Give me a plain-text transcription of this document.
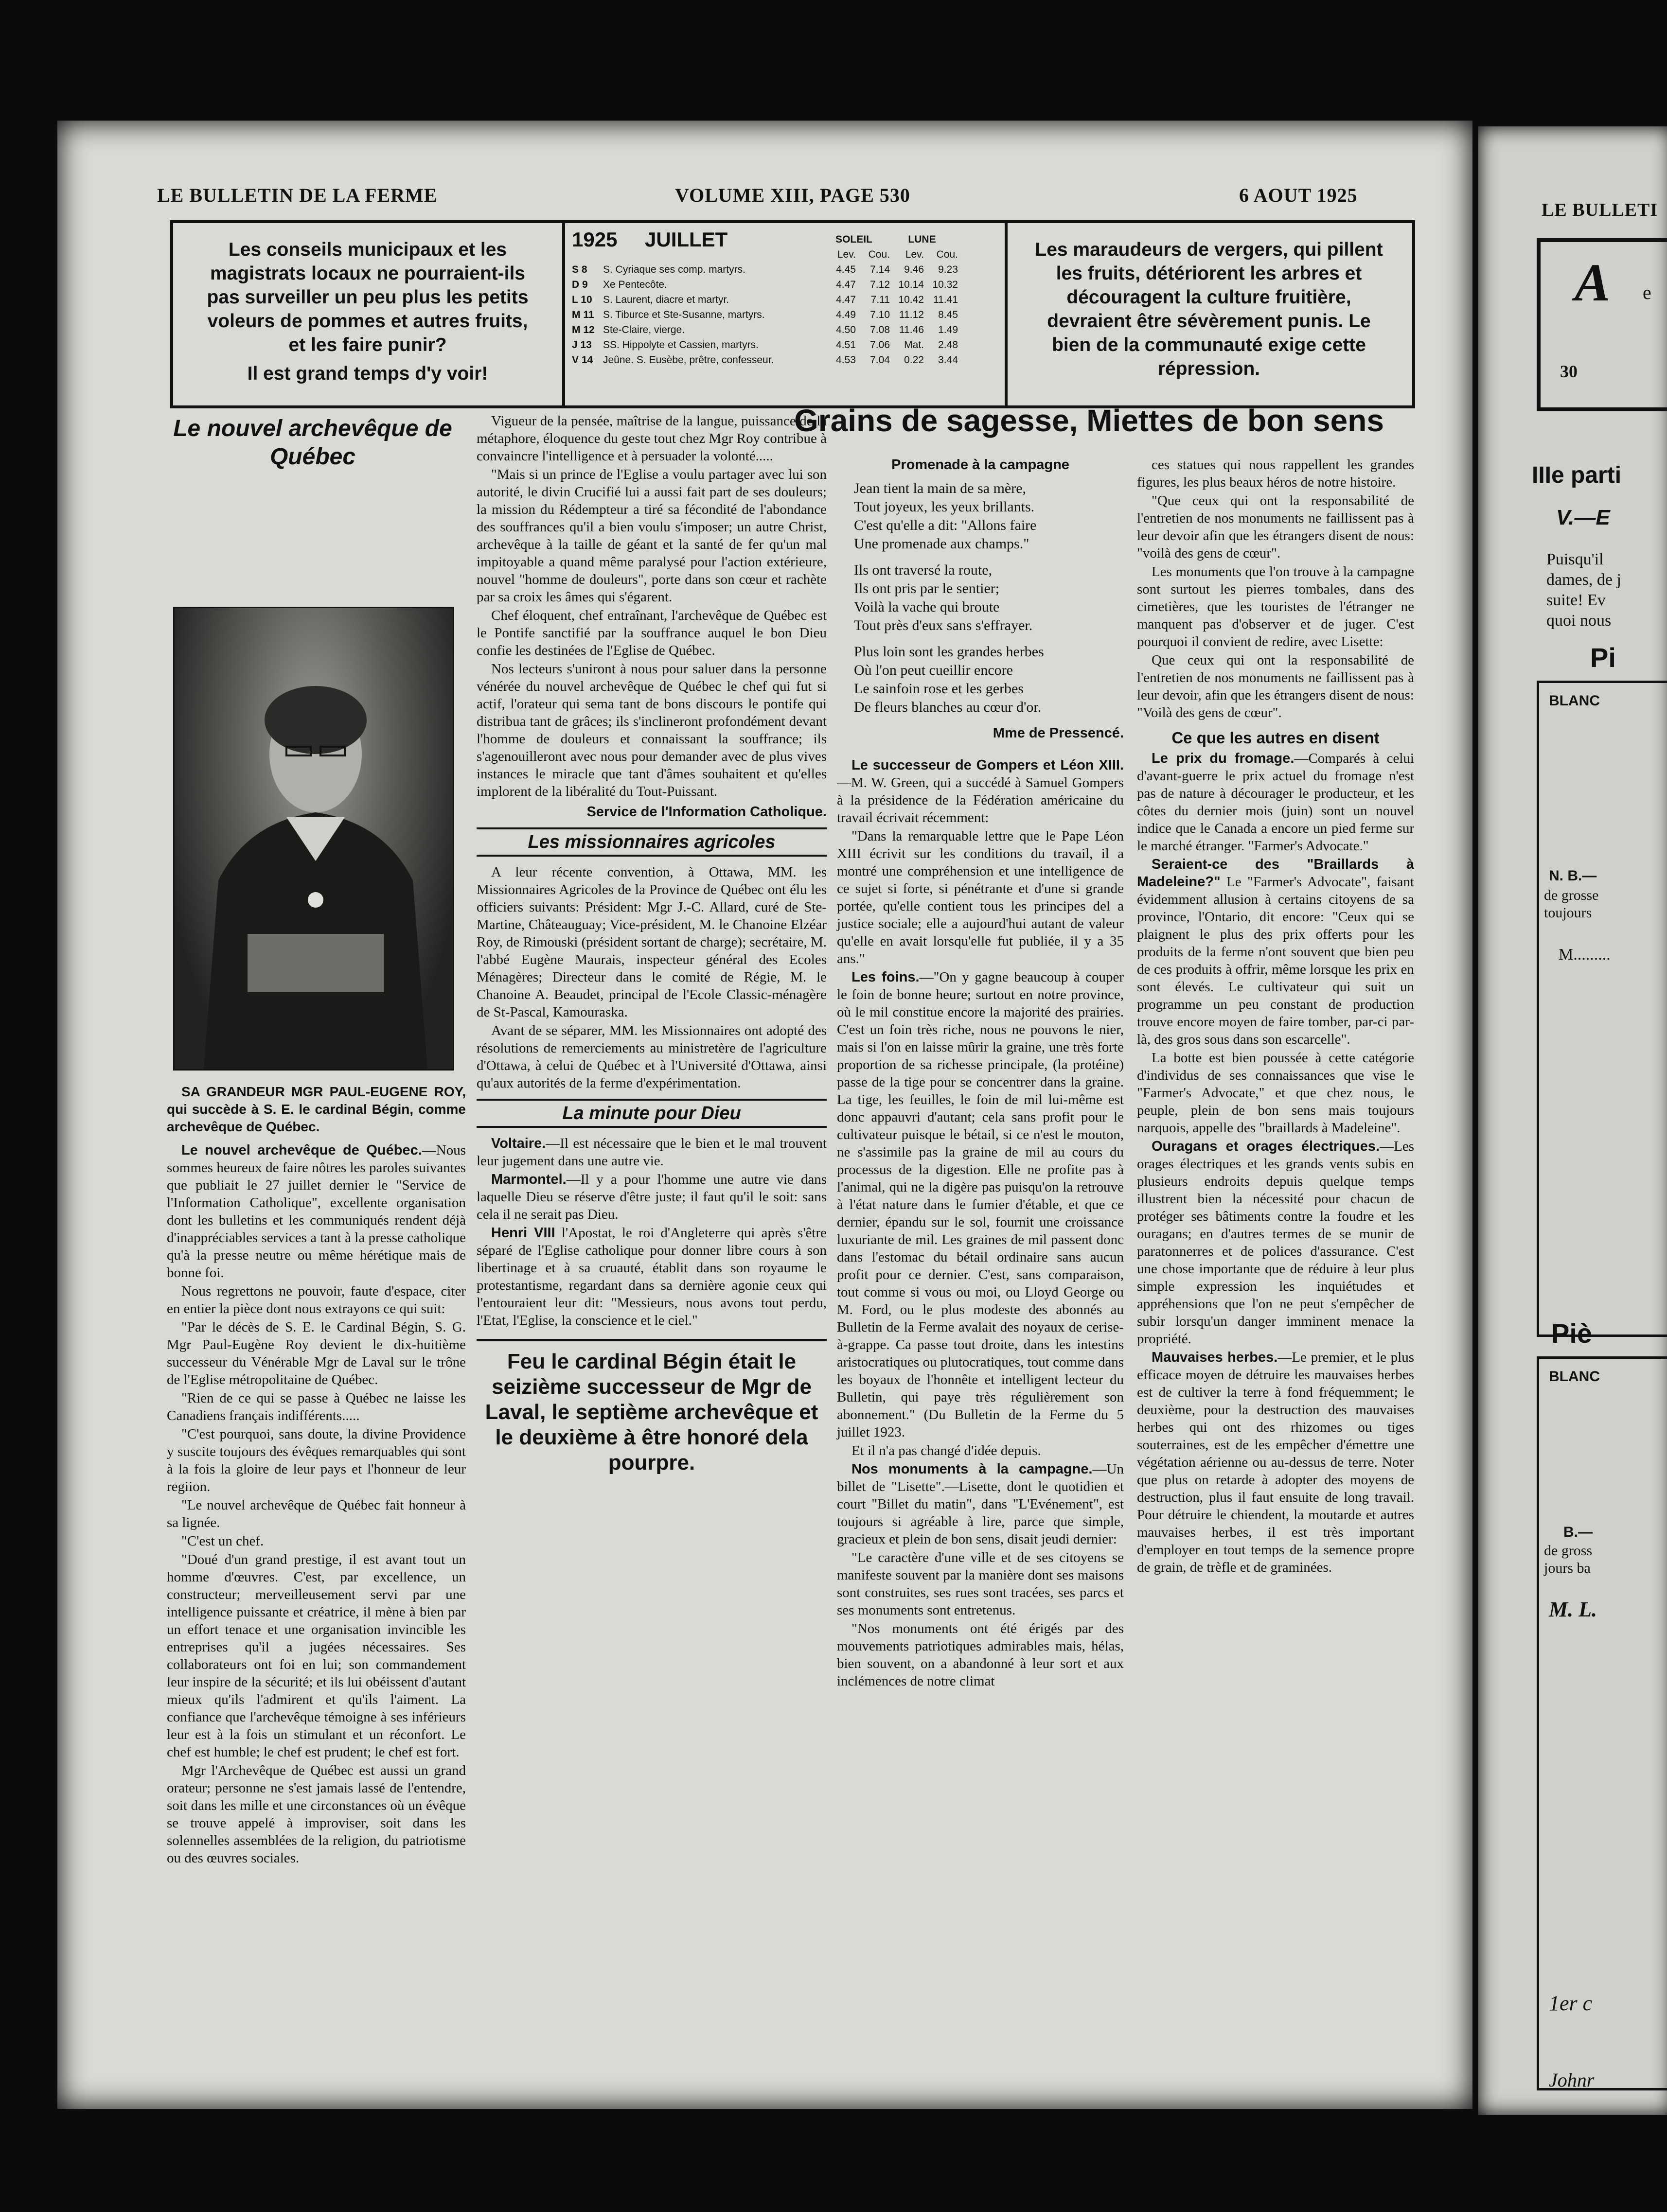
LE BULLETIN DE LA FERME	VOLUME XIII, PAGE 530	6 AOUT 1925
Les conseils municipaux et les magistrats locaux ne pourraient-ils pas surveiller un peu plus les petits voleurs de pommes et autres fruits, et les faire punir?
Il est grand temps d'y voir!
1925	JUILLET	SOLEIL	LUNE
Lev.	Cou.	Lev.	Cou.
S 8	S. Cyriaque ses comp. martyrs.	4.45	7.14	9.46	9.23
D 9	Xe Pentecôte.	4.47	7.12 10.14 10.32
L 10	S. Laurent, diacre et martyr.	4.47	7.11 10.42 11.41
M 11 S. Tiburce et Ste-Susanne, martyrs.	4.49	7.10 11.12	8.45
M 12 Ste-Claire, vierge.	4.50	7.08 11.46	1.49
J 13	SS. Hippolyte et Cassien, martyrs.	4.51	7.06	Mat.	2.48
V 14 Jeûne. S. Eusèbe, prêtre, confesseur.	4.53	7.04	0.22	3.44
Les maraudeurs de vergers, qui pillent les fruits, détériorent les arbres et découragent la culture fruitière, devraient être sévèrement punis. Le bien de la communauté exige cette répression.
Le nouvel archevêque de Québec

SA GRANDEUR MGR PAUL-EUGENE ROY, qui succède à S. E. le cardinal Bégin, comme archevêque de Québec.

Le nouvel archevêque de Québec.—Nous sommes heureux de faire nôtres les paroles suivantes que publiait le 27 juillet dernier le "Service de l'Information Catholique", excellente organisation dont les bulletins et les communiqués rendent déjà d'inappréciables services a tant à la presse catholique qu'à la presse neutre ou même hérétique mais de bonne foi.

Nous regrettons ne pouvoir, faute d'espace, citer en entier la pièce dont nous extrayons ce qui suit:

"Par le décès de S. E. le Cardinal Bégin, S. G. Mgr Paul-Eugène Roy devient le dix-huitième successeur du Vénérable Mgr de Laval sur le trône de l'Eglise métropolitaine de Québec.

"Rien de ce qui se passe à Québec ne laisse les Canadiens français indifférents.....

"C'est pourquoi, sans doute, la divine Providence y suscite toujours des évêques remarquables qui sont à la fois la gloire de leur pays et l'honneur de leur regiion.

"Le nouvel archevêque de Québec fait honneur à sa lignée.

"C'est un chef.

"Doué d'un grand prestige, il est avant tout un homme d'œuvres. C'est, par excellence, un constructeur; merveilleusement servi par une intelligence puissante et créatrice, il mène à bien par un effort tenace et une organisation invincible les entreprises qu'il a jugées nécessaires. Ses collaborateurs ont foi en lui; son commandement leur inspire de la sécurité; et ils lui obéissent d'autant mieux qu'ils l'admirent et qu'ils l'aiment. La confiance que l'archevêque témoigne à ses inférieurs leur est à la fois un stimulant et un réconfort. Le chef est humble; le chef est prudent; le chef est fort.

Mgr l'Archevêque de Québec est aussi un grand orateur; personne ne s'est jamais lassé de l'entendre, soit dans les mille et une circonstances où un évêque se trouve appelé à improviser, soit dans les solennelles assemblées de la religion, du patriotisme ou des œuvres sociales.

Vigueur de la pensée, maîtrise de la langue, puissance de la métaphore, éloquence du geste tout chez Mgr Roy contribue à convaincre l'intelligence et à persuader la volonté.....

"Mais si un prince de l'Eglise a voulu partager avec lui son autorité, le divin Crucifié lui a aussi fait part de ses douleurs; la mission du Rédempteur a tiré sa fécondité de l'abondance des souffrances qu'il a bien voulu s'imposer; un autre Christ, archevêque à la taille de géant et la santé de fer qu'un mal impitoyable a quand même paralysé pour l'action extérieure, nouvel "homme de douleurs", porte dans son cœur et rachète par sa croix les âmes qui s'égarent.

Chef éloquent, chef entraînant, l'archevêque de Québec est le Pontife sanctifié par la souffrance auquel le bon Dieu confie les destinées de l'Eglise de Québec.

Nos lecteurs s'uniront à nous pour saluer dans la personne vénérée du nouvel archevêque de Québec le chef qui fut si actif, l'orateur qui sema tant de bons discours le pontife qui distribua tant de grâces; ils s'inclineront profondément devant l'homme de douleurs et connaissant la souffrance; ils s'agenouilleront avec nous pour demander avec de plus vives instances le miracle que tant d'âmes souhaitent et qu'elles implorent de la libéralité du Tout-Puissant.

Service de l'Information Catholique.

Les missionnaires agricoles

A leur récente convention, à Ottawa, MM. les Missionnaires Agricoles de la Province de Québec ont élu les officiers suivants: Président: Mgr J.-C. Allard, curé de Ste-Martine, Châteauguay; Vice-président, M. le Chanoine Elzéar Roy, de Rimouski (président sortant de charge); secrétaire, M. l'abbé Eugène Maurais, inspecteur général des Ecoles Ménagères; Directeur dans le comité de Régie, M. le Chanoine A. Beaudet, principal de l'Ecole Classic-ménagère de St-Pascal, Kamouraska.

Avant de se séparer, MM. les Missionnaires ont adopté des résolutions de remerciements au ministretère de l'agriculture d'Ottawa, à celui de Québec et à l'Université d'Ottawa, ainsi qu'aux autorités de la ferme d'expérimentation.

La minute pour Dieu

Voltaire.—Il est nécessaire que le bien et le mal trouvent leur jugement dans une autre vie.

Marmontel.—Il y a pour l'homme une autre vie dans laquelle Dieu se réserve d'être juste; il faut qu'il le soit: sans cela il ne serait pas Dieu.

Henri VIII l'Apostat, le roi d'Angleterre qui après s'être séparé de l'Eglise catholique pour donner libre cours à son libertinage et à sa cruauté, établit dans son royaume le protestantisme, regardant dans sa dernière agonie ceux qui l'entouraient leur dit: "Messieurs, nous avons tout perdu, l'Etat, l'Eglise, la conscience et le ciel."

Feu le cardinal Bégin était le seizième successeur de Mgr de Laval, le septième archevêque et le deuxième à être honoré dela pourpre.
Grains de sagesse, Miettes de bon sens
Promenade à la campagne
Jean tient la main de sa mère,
Tout joyeux, les yeux brillants.
C'est qu'elle a dit: "Allons faire
Une promenade aux champs."
Ils ont traversé la route,
Ils ont pris par le sentier;
Voilà la vache qui broute
Tout près d'eux sans s'effrayer.
Plus loin sont les grandes herbes
Où l'on peut cueillir encore
Le sainfoin rose et les gerbes
De fleurs blanches au cœur d'or.
Mme de Pressencé.

Le successeur de Gompers et Léon XIII.—M. W. Green, qui a succédé à Samuel Gompers à la présidence de la Fédération américaine du travail écrivait récemment:

"Dans la remarquable lettre que le Pape Léon XIII écrivit sur les conditions du travail, il a montré une compréhension et une intelligence de ce sujet si forte, si pénétrante et d'une si grande portée, qu'elle contient tous les principes del a justice sociale; elle a aujourd'hui autant de valeur qu'elle en avait lorsqu'elle fut publiée, il y a 35 ans."

Les foins.—"On y gagne beaucoup à couper le foin de bonne heure; surtout en notre province, où le mil constitue encore la majorité des prairies. C'est un foin très riche, nous ne pouvons le nier, mais si l'on en laisse mûrir la graine, une très forte proportion de sa richesse principale, (la protéine) passe de la tige pour se concentrer dans la graine. La tige, les feuilles, le foin de mil lui-même est donc appauvri d'autant; cela sans profit pour le cultivateur puisque le bétail, si ce n'est le mouton, ne s'assimile pas la graine de mil au cours du processus de la digestion. Elle ne profite pas à l'animal, qui ne la digère pas puisqu'on la retrouve à l'état nature dans le fumier d'étable, et que ce dernier, épandu sur le sol, fournit une croissance luxuriante de mil. Les graines de mil passent donc dans l'estomac du bétail ordinaire sans aucun profit pour ce dernier. C'est, sans comparaison, tout comme si vous ou moi, ou Lloyd George ou M. Ford, ou le plus modeste des abonnés au Bulletin de la Ferme avalait des noyaux de cerise-à-grappe. Ca passe tout droite, dans les intestins aristocratiques ou plutocratiques, tout comme dans les boyaux de l'honnête et intelligent lecteur du Bulletin, qui paye très régulièrement son abonnement." (Du Bulletin de la Ferme du 5 juillet 1923.

Et il n'a pas changé d'idée depuis.

Nos monuments à la campagne.—Un billet de "Lisette".—Lisette, dont le quotidien et court "Billet du matin", dans "L'Evénement", est toujours si agréable à lire, parce que simple, gracieux et plein de bon sens, disait jeudi dernier:

"Le caractère d'une ville et de ses citoyens se manifeste souvent par la manière dont ses maisons sont construites, ses rues sont tracées, ses parcs et ses monuments sont entretenus.

"Nos monuments ont été érigés par des mouvements patriotiques admirables mais, hélas, bien souvent, on a abandonné à leur sort et aux inclémences de notre climat

ces statues qui nous rappellent les grandes figures, les plus beaux héros de notre histoire.

"Que ceux qui ont la responsabilité de l'entretien de nos monuments ne faillissent pas à leur devoir afin que les étrangers disent de nous: "voilà des gens de cœur".

Les monuments que l'on trouve à la campagne sont surtout les pierres tombales, dans des cimetières, que les touristes de l'étranger ne manquent pas d'observer et de juger. C'est pourquoi il convient de redire, avec Lisette:

Que ceux qui ont la responsabilité de l'entretien de nos monuments ne faillissent pas à leur devoir, afin que les étrangers disent de nous: "Voilà des gens de cœur".

Ce que les autres en disent

Le prix du fromage.—Comparés à celui d'avant-guerre le prix actuel du fromage n'est pas de nature à décourager le producteur, et les côtes du dernier mois (juin) sont un nouvel indice que le Canada a encore un pied ferme sur le marché étranger. "Farmer's Advocate."

Seraient-ce des "Braillards à Madeleine?" Le "Farmer's Advocate", faisant évidemment allusion à certains citoyens de sa province, l'Ontario, dit encore: "Ceux qui se plaignent le plus des prix offerts pour les produits de la ferme n'ont souvent que bien peu de ces produits à offrir, même lorsque les prix en sont élevés. Le cultivateur qui suit un programme un peu constant de production trouve encore moyen de faire tomber, par-ci par-là, des gros sous dans son escarcelle".

La botte est bien poussée à cette catégorie d'individus de ses connaissances que vise le "Farmer's Advocate," et que chez nous, le peuple, plein de bon sens mais toujours narquois, appelle des "braillards à Madeleine".

Ouragans et orages électriques.—Les orages électriques et les grands vents subis en plusieurs endroits depuis quelque temps illustrent bien la nécessité pour chacun de protéger ses bâtiments contre la foudre et les ouragans; en d'autres termes de se munir de paratonnerres et de polices d'assurance. C'est une chose importante que de réduire à leur plus simple expression les inquiétudes et appréhensions que l'on ne peut s'empêcher de subir lorsqu'un danger imminent menace la propriété.

Mauvaises herbes.—Le premier, et le plus efficace moyen de détruire les mauvaises herbes est de cultiver la terre à fond fréquemment; le deuxième, pour la destruction des mauvaises herbes qui ont des rhizomes ou tiges souterraines, est de les empêcher d'émettre une végétation aérienne ou au-dessus de terre. Noter que plus on retarde à adopter des moyens de destruction, plus il faut ensuite de long travail. Pour détruire le chiendent, la moutarde et autres mauvaises herbes, il est très important d'employer en tout temps de la semence propre de grain, de trèfle et de graminées.

LE BULLETI
A e
30
IIIe parti
V.—E
Puisqu'il
dames, de j
suite! Ev
quoi nous
Pi
BLANC
N. B.—
de grosse
toujours
M.........
Piè
BLANC
B.—
de gross
jours ba
M. L.
1er c
Johnr
